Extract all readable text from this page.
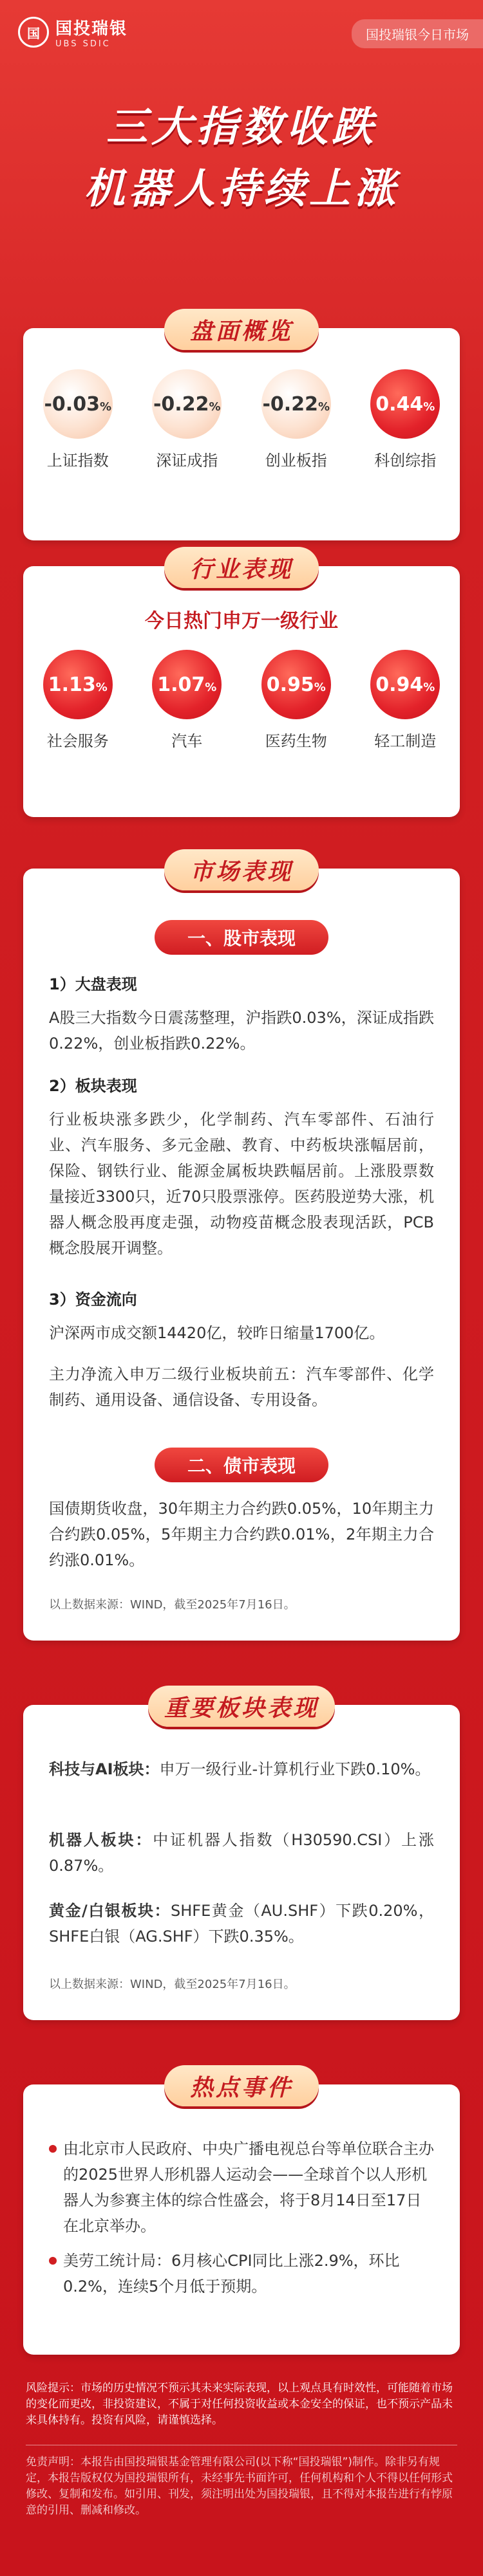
国 国投瑞银
UBS SDIC
国投瑞银今日市场
三大指数收跌
机器人持续上涨
盘面概览
-0.03 %
上证指数
-0.22 %
深证成指
-0.22 %
创业板指
0.44 %
科创综指
行业表现
今日热门申万一级行业
1.13 %
社会服务
1.07 %
汽车
0.95 %
医药生物
0.94 %
轻工制造
市场表现
一、股市表现
1）大盘表现
A股三大指数今日震荡整理，沪指跌0.03%，深证成指跌0.22%，创业板指跌0.22%。
2）板块表现
行业板块涨多跌少，化学制药、汽车零部件、石油行业、汽车服务、多元金融、教育、中药板块涨幅居前，保险、钢铁行业、能源金属板块跌幅居前。上涨股票数量接近3300只，近70只股票涨停。医药股逆势大涨，机器人概念股再度走强，动物疫苗概念股表现活跃，PCB概念股展开调整。
3）资金流向
沪深两市成交额14420亿，较昨日缩量1700亿。
主力净流入申万二级行业板块前五：汽车零部件、化学制药、通用设备、通信设备、专用设备。
二、债市表现
国债期货收盘，30年期主力合约跌0.05%，10年期主力合约跌0.05%，5年期主力合约跌0.01%，2年期主力合约涨0.01%。
以上数据来源：WIND，截至2025年7月16日。
重要板块表现
科技与AI板块：申万一级行业-计算机行业下跌0.10%。
机器人板块：中证机器人指数（H30590.CSI）上涨0.87%。
黄金/白银板块：SHFE黄金（AU.SHF）下跌0.20%，SHFE白银（AG.SHF）下跌0.35%。
以上数据来源：WIND，截至2025年7月16日。
热点事件
由北京市人民政府、中央广播电视总台等单位联合主办的2025世界人形机器人运动会——全球首个以人形机器人为参赛主体的综合性盛会，将于8月14日至17日在北京举办。
美劳工统计局：6月核心CPI同比上涨2.9%，环比0.2%，连续5个月低于预期。
风险提示：市场的历史情况不预示其未来实际表现，以上观点具有时效性，可能随着市场的变化而更改，非投资建议，不属于对任何投资收益或本金安全的保证，也不预示产品未来具体持有。投资有风险，请谨慎选择。
免责声明：本报告由国投瑞银基金管理有限公司(以下称“国投瑞银”)制作。除非另有规定，本报告版权仅为国投瑞银所有，未经事先书面许可，任何机构和个人不得以任何形式修改、复制和发布。如引用、刊发，须注明出处为国投瑞银，且不得对本报告进行有悖原意的引用、删减和修改。
